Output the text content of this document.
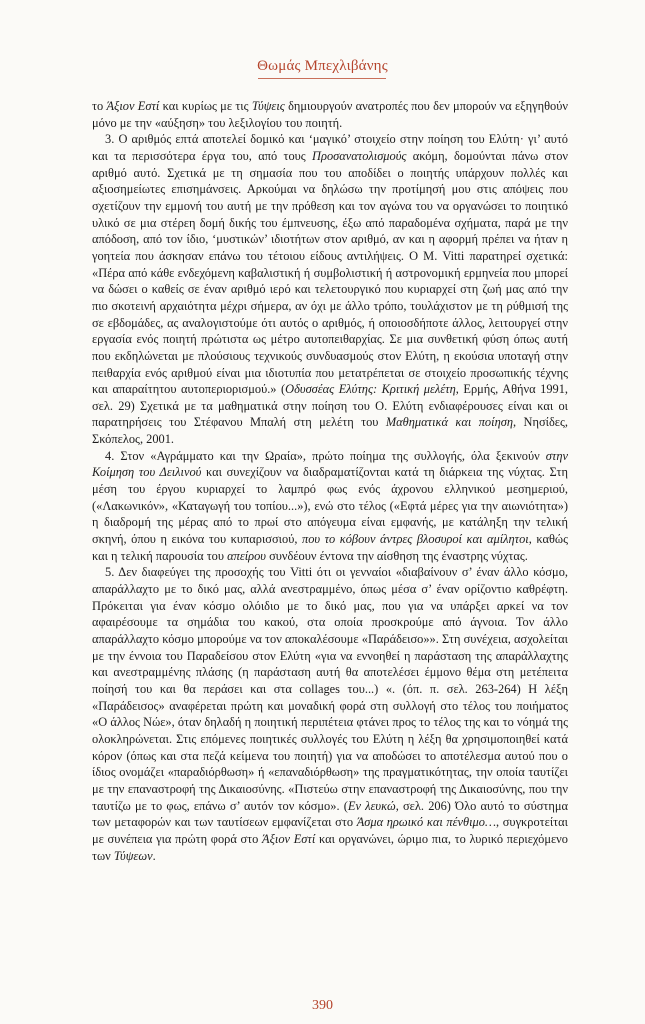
Θωμάς Μπεχλιβάνης

το Άξιον Εστί και κυρίως με τις Τύψεις δημιουργούν ανατροπές που δεν μπορούν να εξηγηθούν μόνο με την «αύξηση» του λεξιλογίου του ποιητή.

3. Ο αριθμός επτά αποτελεί δομικό και ‘μαγικό’ στοιχείο στην ποίηση του Ελύτη· γι’ αυτό και τα περισσότερα έργα του, από τους Προσανατολισμούς ακόμη, δομούνται πάνω στον αριθμό αυτό. Σχετικά με τη σημασία που του αποδίδει ο ποιητής υπάρχουν πολλές και αξιοσημείωτες επισημάνσεις. Αρκούμαι να δηλώσω την προτίμησή μου στις απόψεις που σχετίζουν την εμμονή του αυτή με την πρόθεση και τον αγώνα του να οργανώσει το ποιητικό υλικό σε μια στέρεη δομή δικής του έμπνευσης, έξω από παραδομένα σχήματα, παρά με την απόδοση, από τον ίδιο, ‘μυστικών’ ιδιοτήτων στον αριθμό, αν και η αφορμή πρέπει να ήταν η γοητεία που άσκησαν επάνω του τέτοιου είδους αντιλήψεις. Ο Μ. Vitti παρατηρεί σχετικά: «Πέρα από κάθε ενδεχόμενη καβαλιστική ή συμβολιστική ή αστρονομική ερμηνεία που μπορεί να δώσει ο καθείς σε έναν αριθμό ιερό και τελετουργικό που κυριαρχεί στη ζωή μας από την πιο σκοτεινή αρχαιότητα μέχρι σήμερα, αν όχι με άλλο τρόπο, τουλάχιστον με τη ρύθμισή της σε εβδομάδες, ας αναλογιστούμε ότι αυτός ο αριθμός, ή οποιοσδήποτε άλλος, λειτουργεί στην εργασία ενός ποιητή πρώτιστα ως μέτρο αυτοπειθαρχίας. Σε μια συνθετική φύση όπως αυτή που εκδηλώνεται με πλούσιους τεχνικούς συνδυασμούς στον Ελύτη, η εκούσια υποταγή στην πειθαρχία ενός αριθμού είναι μια ιδιοτυπία που μετατρέπεται σε στοιχείο προσωπικής τέχνης και απαραίτητου αυτοπεριορισμού.» (Οδυσσέας Ελύτης: Κριτική μελέτη, Ερμής, Αθήνα 1991, σελ. 29) Σχετικά με τα μαθηματικά στην ποίηση του Ο. Ελύτη ενδιαφέρουσες είναι και οι παρατηρήσεις του Στέφανου Μπαλή στη μελέτη του Μαθηματικά και ποίηση, Νησίδες, Σκόπελος, 2001.

4. Στον «Αγράμματο και την Ωραία», πρώτο ποίημα της συλλογής, όλα ξεκινούν στην Κοίμηση του Δειλινού και συνεχίζουν να διαδραματίζονται κατά τη διάρκεια της νύχτας. Στη μέση του έργου κυριαρχεί το λαμπρό φως ενός άχρονου ελληνικού μεσημεριού, («Λακωνικόν», «Καταγωγή του τοπίου...»), ενώ στο τέλος («Εφτά μέρες για την αιωνιότητα») η διαδρομή της μέρας από το πρωί στο απόγευμα είναι εμφανής, με κατάληξη την τελική σκηνή, όπου η εικόνα του κυπαρισσιού, που το κόβουν άντρες βλοσυροί και αμίλητοι, καθώς και η τελική παρουσία του απείρου συνδέουν έντονα την αίσθηση της έναστρης νύχτας.

5. Δεν διαφεύγει της προσοχής του Vitti ότι οι γενναίοι «διαβαίνουν σ’ έναν άλλο κόσμο, απαράλλαχτο με το δικό μας, αλλά ανεστραμμένο, όπως μέσα σ’ έναν ορίζοντιο καθρέφτη. Πρόκειται για έναν κόσμο ολόιδιο με το δικό μας, που για να υπάρξει αρκεί να τον αφαιρέσουμε τα σημάδια του κακού, στα οποία προσκρούμε από άγνοια. Τον άλλο απαράλλαχτο κόσμο μπορούμε να τον αποκαλέσουμε «Παράδεισο»». Στη συνέχεια, ασχολείται με την έννοια του Παραδείσου στον Ελύτη «για να εννοηθεί η παράσταση της απαράλλαχτης και ανεστραμμένης πλάσης (η παράσταση αυτή θα αποτελέσει έμμονο θέμα στη μετέπειτα ποίησή του και θα περάσει και στα collages του...) «. (όπ. π. σελ. 263-264) Η λέξη «Παράδεισος» αναφέρεται πρώτη και μοναδική φορά στη συλλογή στο τέλος του ποιήματος «Ο άλλος Νώε», όταν δηλαδή η ποιητική περιπέτεια φτάνει προς το τέλος της και το νόημά της ολοκληρώνεται. Στις επόμενες ποιητικές συλλογές του Ελύτη η λέξη θα χρησιμοποιηθεί κατά κόρον (όπως και στα πεζά κείμενα του ποιητή) για να αποδώσει το αποτέλεσμα αυτού που ο ίδιος ονομάζει «παραδιόρθωση» ή «επαναδιόρθωση» της πραγματικότητας, την οποία ταυτίζει με την επαναστροφή της Δικαιοσύνης. «Πιστεύω στην επαναστροφή της Δικαιοσύνης, που την ταυτίζω με το φως, επάνω σ’ αυτόν τον κόσμο». (Εν λευκώ, σελ. 206) Όλο αυτό το σύστημα των μεταφορών και των ταυτίσεων εμφανίζεται στο Άσμα ηρωικό και πένθιμο…, συγκροτείται με συνέπεια για πρώτη φορά στο Άξιον Εστί και οργανώνει, ώριμο πια, το λυρικό περιεχόμενο των Τύψεων.

390
